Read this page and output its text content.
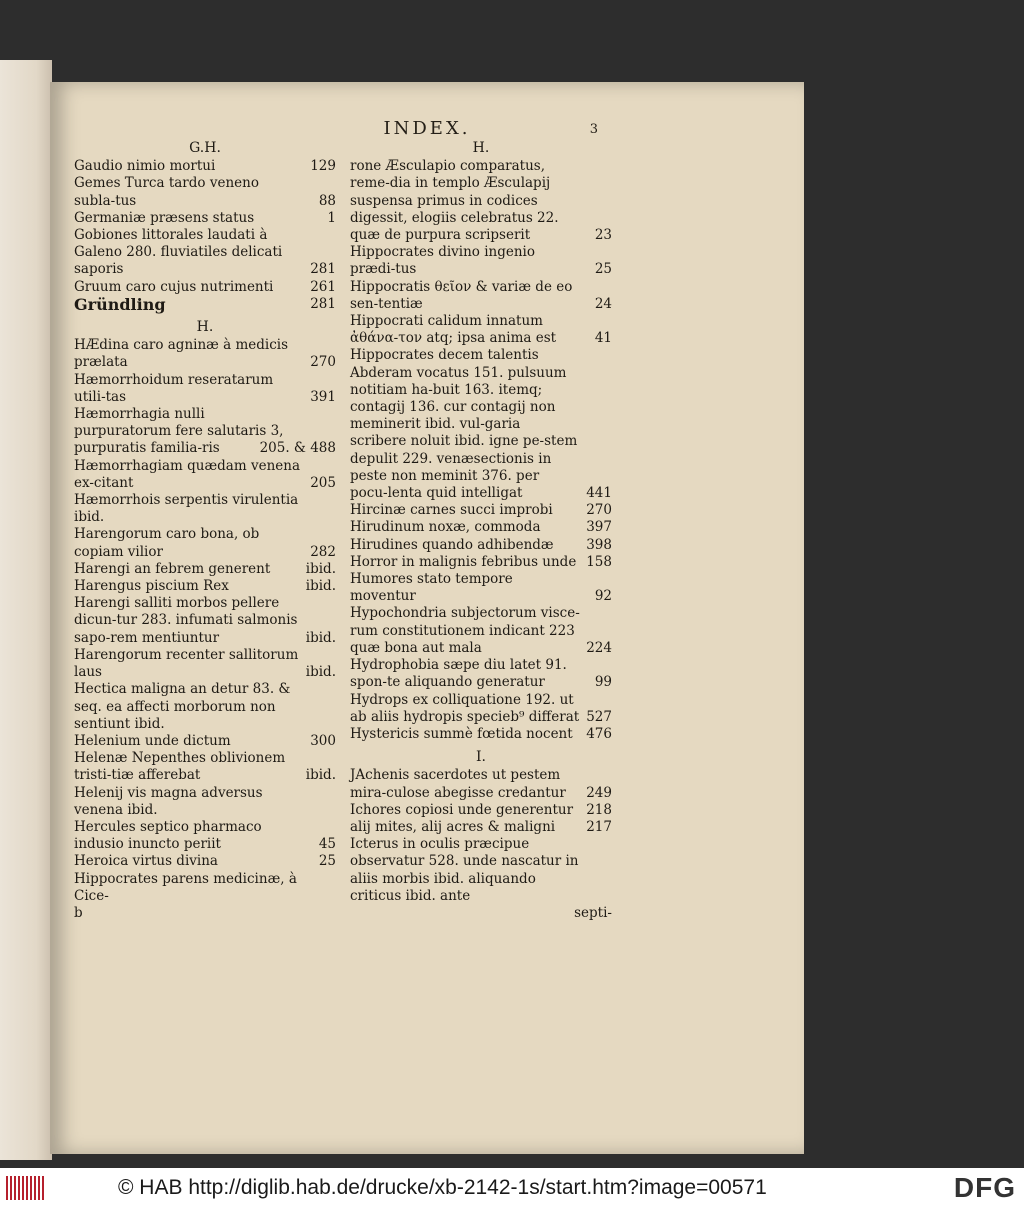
INDEX.	3
G.H.
Gaudio nimio mortui	129
Gemes Turca tardo veneno subla-tus	88
Germaniæ præsens status	1
Gobiones littorales laudati à Galeno 280. fluviatiles delicati saporis	281
Gruum caro cujus nutrimenti	261
Gründling	281
H.
HÆdina caro agninæ à medicis prælata	270
Hæmorrhoidum reseratarum utili-tas	391
Hæmorrhagia nulli purpuratorum fere salutaris 3, purpuratis familia-ris	205. & 488
Hæmorrhagiam quædam venena ex-citant	205
Hæmorrhois serpentis virulentia ibid.
Harengorum caro bona, ob copiam vilior	282
Harengi an febrem generent	ibid.
Harengus piscium Rex	ibid.
Harengi salliti morbos pellere dicun-tur 283. infumati salmonis sapo-rem mentiuntur	ibid.
Harengorum recenter sallitorum laus	ibid.
Hectica maligna an detur 83. & seq. ea affecti morborum non sentiunt ibid.
Helenium unde dictum	300
Helenæ Nepenthes oblivionem tristi-tiæ afferebat	ibid.
Helenij vis magna adversus venena ibid.
Hercules septico pharmaco indusio inuncto periit	45
Heroica virtus divina	25
Hippocrates parens medicinæ, à Cice-
b
H.
rone Æsculapio comparatus, reme-dia in templo Æsculapij suspensa primus in codices digessit, elogiis celebratus 22. quæ de purpura scripserit	23
Hippocrates divino ingenio prædi-tus	25
Hippocratis θεῖον & variæ de eo sen-tentiæ	24
Hippocrati calidum innatum ἀθάνα-τον atq; ipsa anima est	41
Hippocrates decem talentis Abderam vocatus 151. pulsuum notitiam ha-buit 163. itemq; contagij 136. cur contagij non meminerit ibid. vul-garia scribere noluit ibid. igne pe-stem depulit 229. venæsectionis in peste non meminit 376. per pocu-lenta quid intelligat	441
Hircinæ carnes succi improbi	270
Hirudinum noxæ, commoda	397
Hirudines quando adhibendæ	398
Horror in malignis febribus unde 158
Humores stato tempore moventur	92
Hypochondria subjectorum visce-rum constitutionem indicant 223 quæ bona aut mala	224
Hydrophobia sæpe diu latet 91. spon-te aliquando generatur	99
Hydrops ex colliquatione 192. ut ab aliis hydropis specieb⁹ differat 527
Hystericis summè fœtida nocent	476
I.
JAchenis sacerdotes ut pestem mira-culose abegisse credantur	249
Ichores copiosi unde generentur 218
alij mites, alij acres & maligni	217
Icterus in oculis præcipue observatur 528. unde nascatur in aliis morbis ibid. aliquando criticus ibid. ante
septi-
© HAB http://diglib.hab.de/drucke/xb-2142-1s/start.htm?image=00571	DFG
